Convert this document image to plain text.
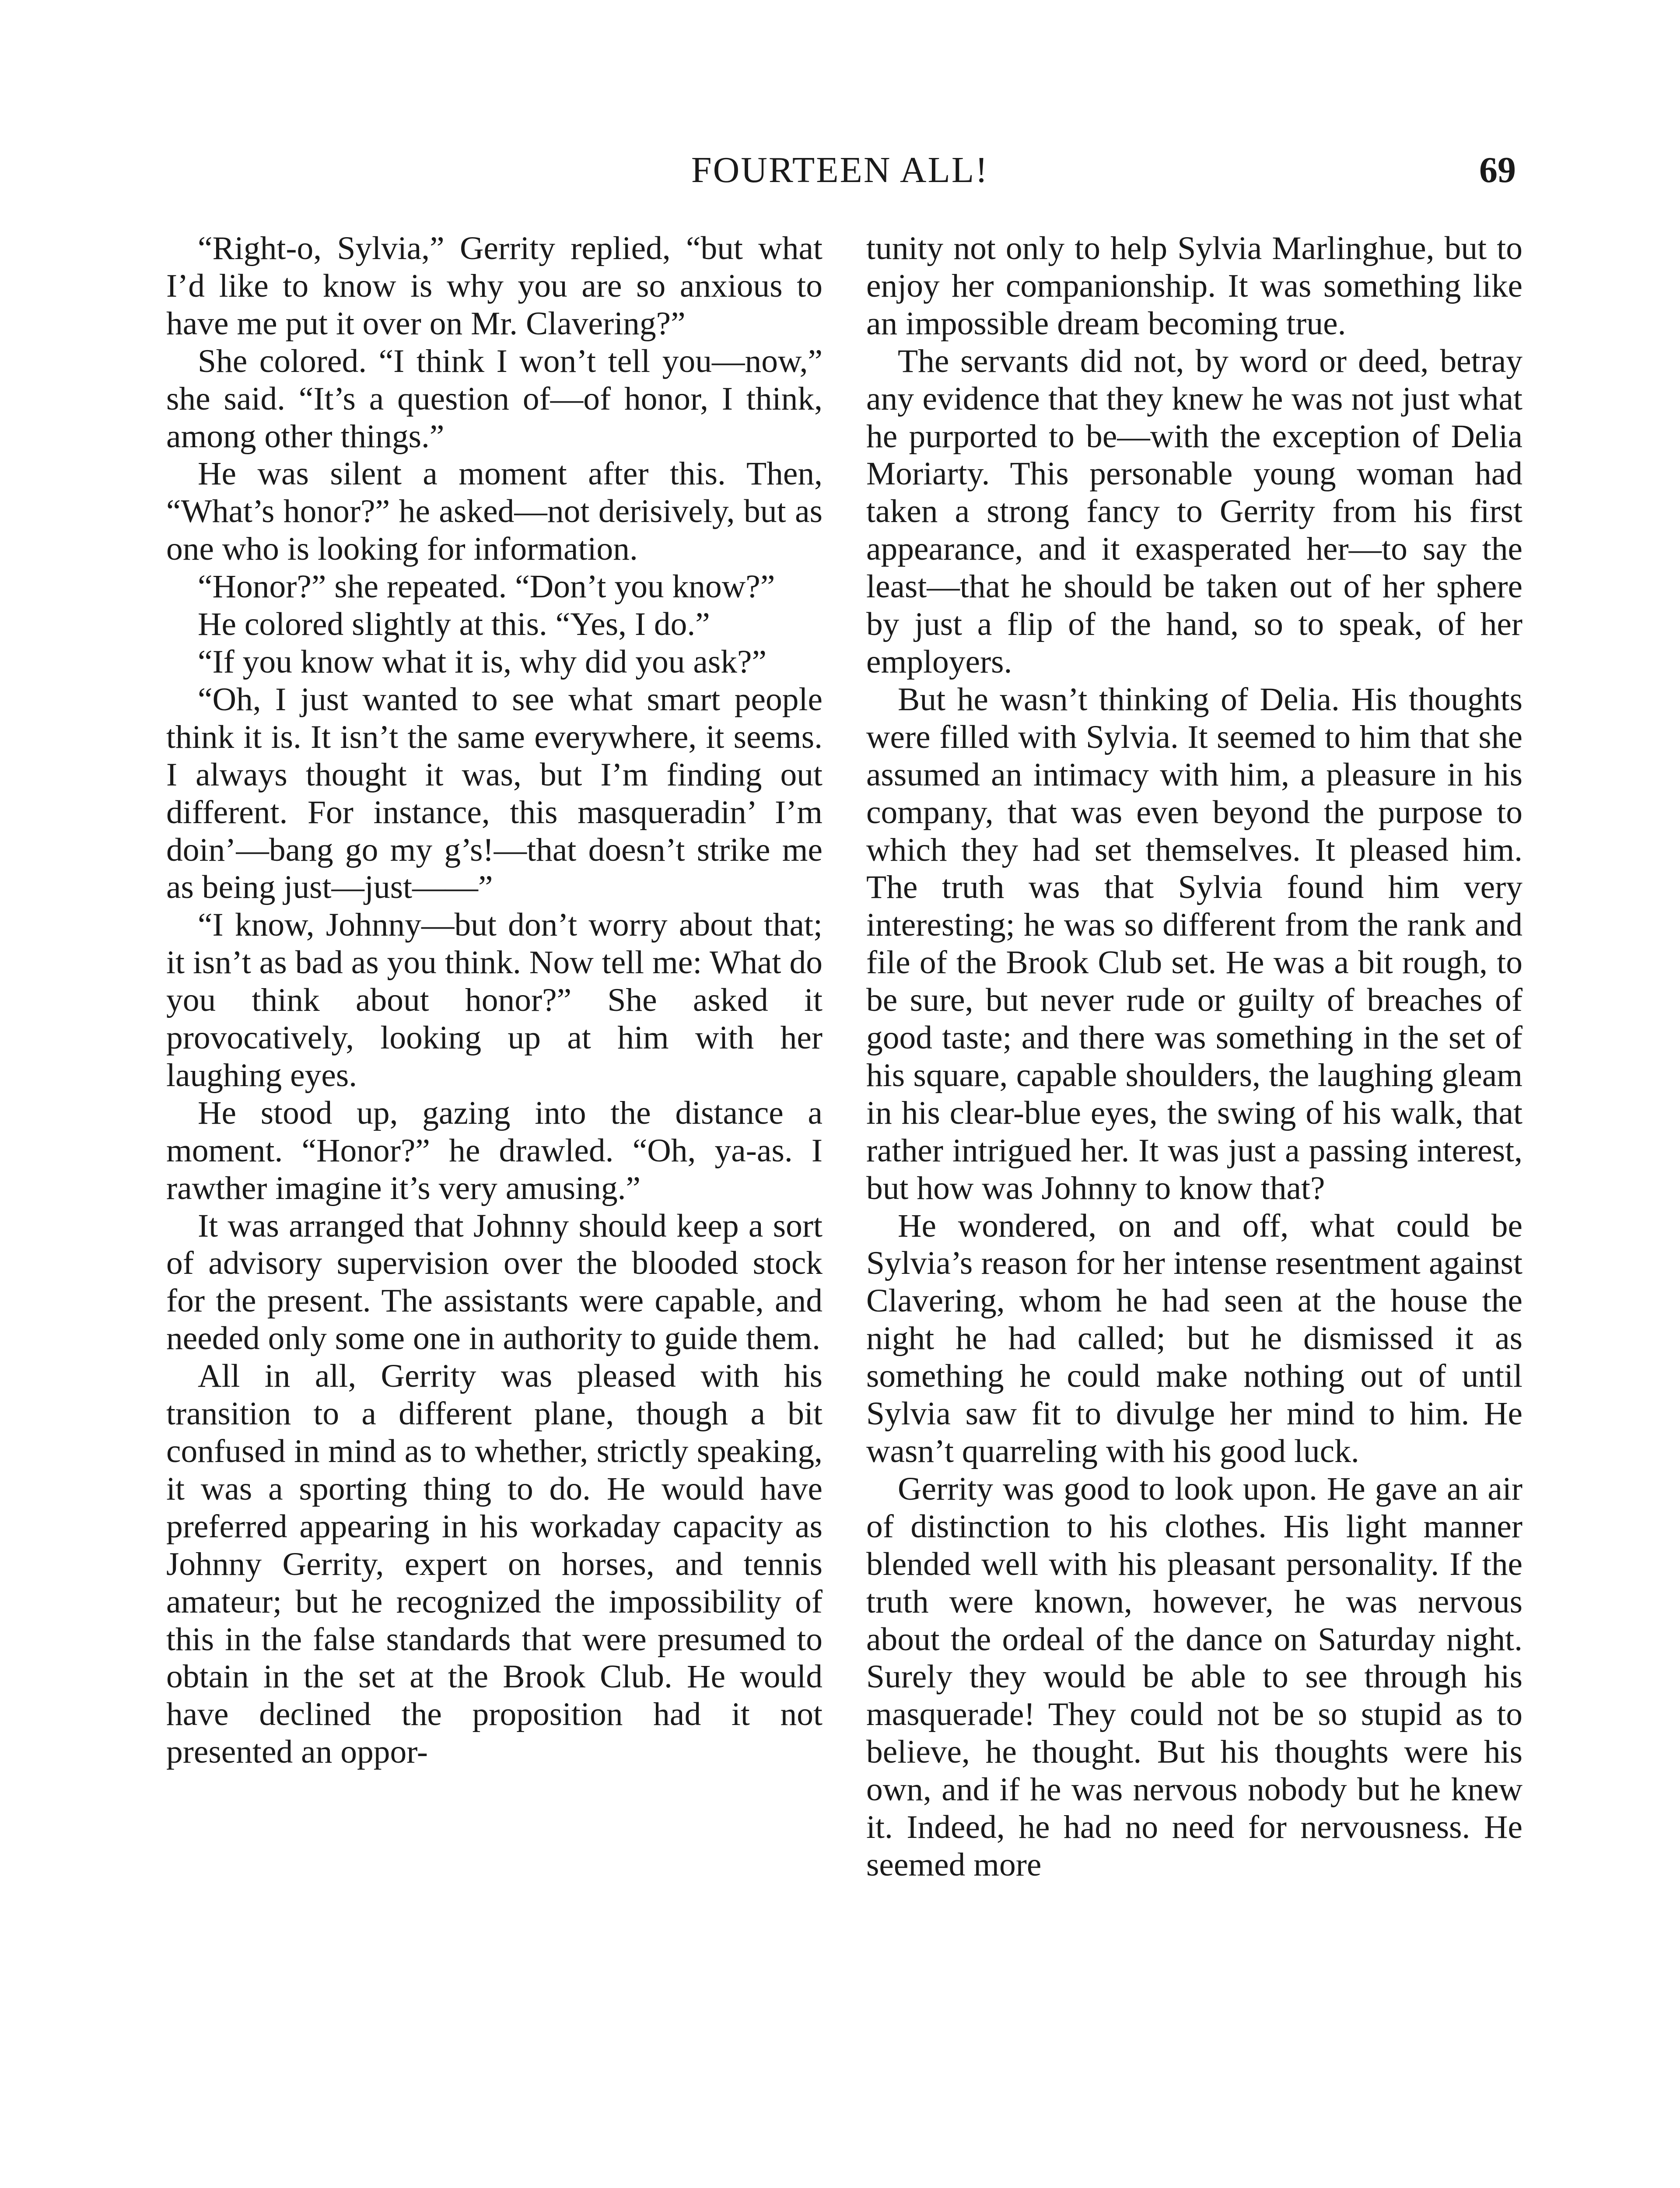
FOURTEEN ALL!	69

“Right-o, Sylvia,” Gerrity replied, “but what I’d like to know is why you are so anxious to have me put it over on Mr. Clavering?”

She colored. “I think I won’t tell you—now,” she said. “It’s a question of—of honor, I think, among other things.”

He was silent a moment after this. Then, “What’s honor?” he asked—not derisively, but as one who is looking for information.

“Honor?” she repeated. “Don’t you know?”

He colored slightly at this. “Yes, I do.”

“If you know what it is, why did you ask?”

“Oh, I just wanted to see what smart people think it is. It isn’t the same everywhere, it seems. I always thought it was, but I’m finding out different. For instance, this masqueradin’ I’m doin’—bang go my g’s!—that doesn’t strike me as being just—just——”

“I know, Johnny—but don’t worry about that; it isn’t as bad as you think. Now tell me: What do you think about honor?” She asked it provocatively, looking up at him with her laughing eyes.

He stood up, gazing into the distance a moment. “Honor?” he drawled. “Oh, ya-as. I rawther imagine it’s very amusing.”

It was arranged that Johnny should keep a sort of advisory supervision over the blooded stock for the present. The assistants were capable, and needed only some one in authority to guide them.

All in all, Gerrity was pleased with his transition to a different plane, though a bit confused in mind as to whether, strictly speaking, it was a sporting thing to do. He would have preferred appearing in his workaday capacity as Johnny Gerrity, expert on horses, and tennis amateur; but he recognized the impossibility of this in the false standards that were presumed to obtain in the set at the Brook Club. He would have declined the proposition had it not presented an oppor-

tunity not only to help Sylvia Marlinghue, but to enjoy her companionship. It was something like an impossible dream becoming true.

The servants did not, by word or deed, betray any evidence that they knew he was not just what he purported to be—with the exception of Delia Moriarty. This personable young woman had taken a strong fancy to Gerrity from his first appearance, and it exasperated her—to say the least—that he should be taken out of her sphere by just a flip of the hand, so to speak, of her employers.

But he wasn’t thinking of Delia. His thoughts were filled with Sylvia. It seemed to him that she assumed an intimacy with him, a pleasure in his company, that was even beyond the purpose to which they had set themselves. It pleased him. The truth was that Sylvia found him very interesting; he was so different from the rank and file of the Brook Club set. He was a bit rough, to be sure, but never rude or guilty of breaches of good taste; and there was something in the set of his square, capable shoulders, the laughing gleam in his clear-blue eyes, the swing of his walk, that rather intrigued her. It was just a passing interest, but how was Johnny to know that?

He wondered, on and off, what could be Sylvia’s reason for her intense resentment against Clavering, whom he had seen at the house the night he had called; but he dismissed it as something he could make nothing out of until Sylvia saw fit to divulge her mind to him. He wasn’t quarreling with his good luck.

Gerrity was good to look upon. He gave an air of distinction to his clothes. His light manner blended well with his pleasant personality. If the truth were known, however, he was nervous about the ordeal of the dance on Saturday night. Surely they would be able to see through his masquerade! They could not be so stupid as to believe, he thought. But his thoughts were his own, and if he was nervous nobody but he knew it. Indeed, he had no need for nervousness. He seemed more
